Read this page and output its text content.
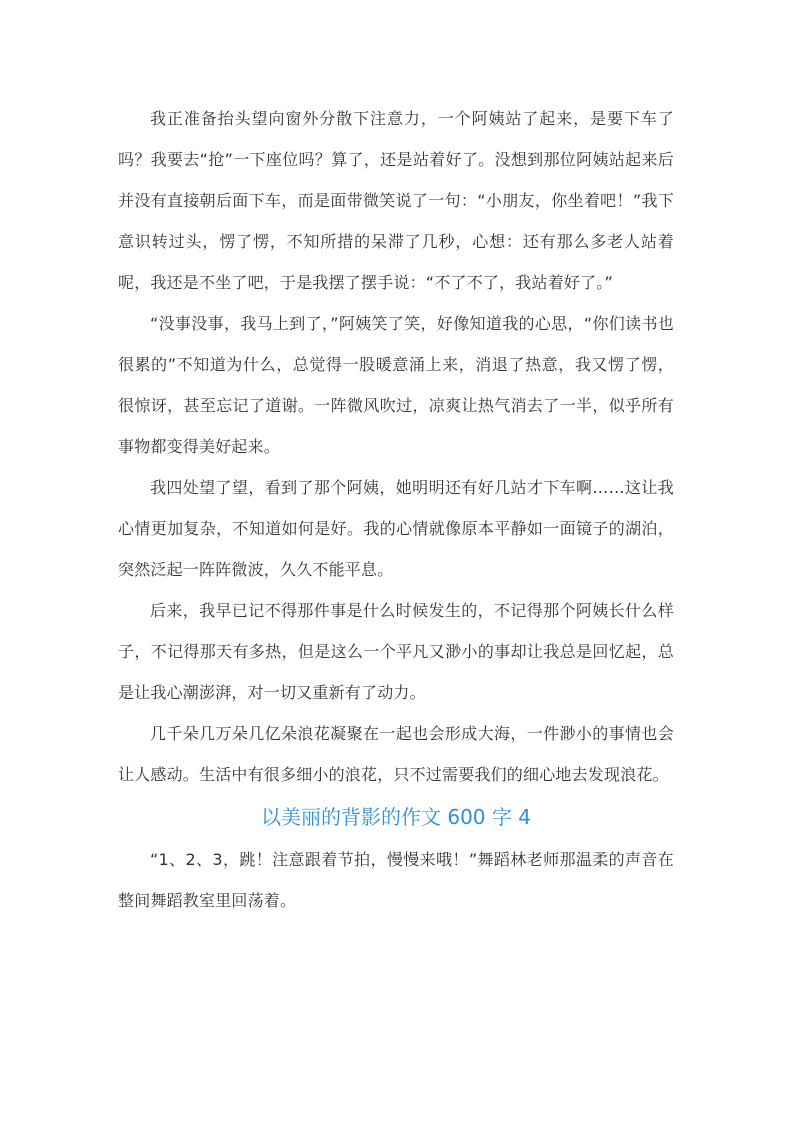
我正准备抬头望向窗外分散下注意力，一个阿姨站了起来，是要下车了吗？我要去“抢”一下座位吗？算了，还是站着好了。没想到那位阿姨站起来后并没有直接朝后面下车，而是面带微笑说了一句：“小朋友，你坐着吧！”我下意识转过头，愣了愣，不知所措的呆滞了几秒，心想：还有那么多老人站着呢，我还是不坐了吧，于是我摆了摆手说：“不了不了，我站着好了。”

“没事没事，我马上到了，”阿姨笑了笑，好像知道我的心思，“你们读书也很累的”不知道为什么，总觉得一股暖意涌上来，消退了热意，我又愣了愣，很惊讶，甚至忘记了道谢。一阵微风吹过，凉爽让热气消去了一半，似乎所有事物都变得美好起来。

我四处望了望，看到了那个阿姨，她明明还有好几站才下车啊……这让我心情更加复杂，不知道如何是好。我的心情就像原本平静如一面镜子的湖泊，突然泛起一阵阵微波，久久不能平息。

后来，我早已记不得那件事是什么时候发生的，不记得那个阿姨长什么样子，不记得那天有多热，但是这么一个平凡又渺小的事却让我总是回忆起，总是让我心潮澎湃，对一切又重新有了动力。

几千朵几万朵几亿朵浪花凝聚在一起也会形成大海，一件渺小的事情也会让人感动。生活中有很多细小的浪花，只不过需要我们的细心地去发现浪花。

以美丽的背影的作文 600 字 4

“1、2、3，跳！注意跟着节拍，慢慢来哦！”舞蹈林老师那温柔的声音在整间舞蹈教室里回荡着。
